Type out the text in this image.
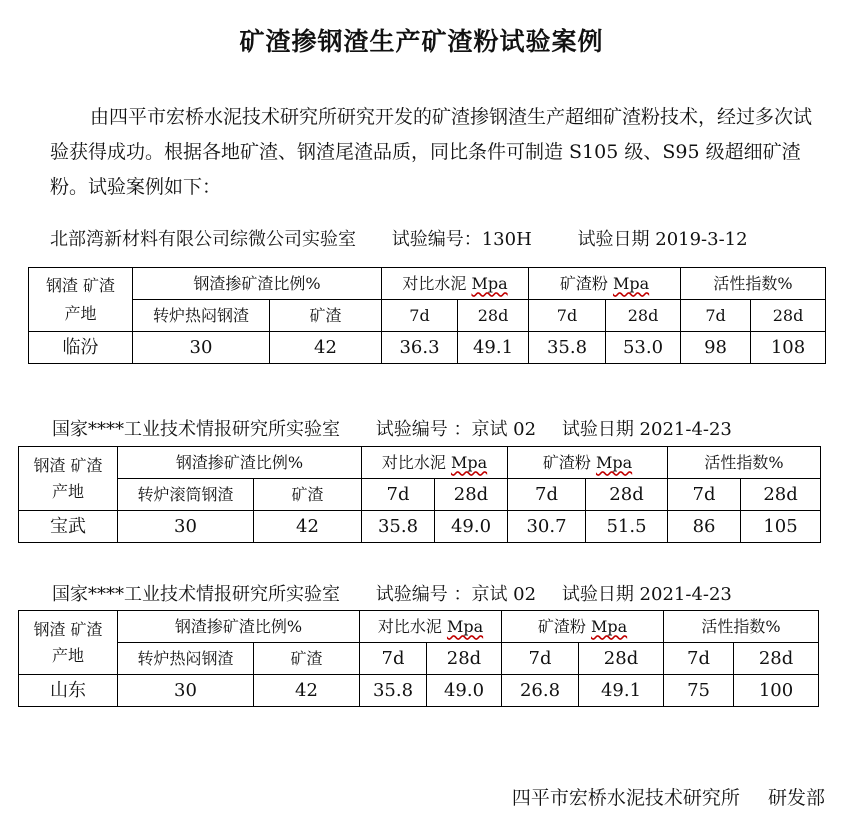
矿渣掺钢渣生产矿渣粉试验案例

由四平市宏桥水泥技术研究所研究开发的矿渣掺钢渣生产超细矿渣粉技术，经过多次试验获得成功。根据各地矿渣、钢渣尾渣品质，同比条件可制造 S105 级、S95 级超细矿渣粉。试验案例如下：

北部湾新材料有限公司综微公司实验室 试验编号：130H	试验日期 2019-3-12
钢渣 矿渣
产地	钢渣掺矿渣比例%		对比水泥 Mpa		矿渣粉 Mpa		活性指数%	
	转炉热闷钢渣	矿渣	7d	28d	7d	28d	7d	28d
临汾	30	42	36.3	49.1	35.8	53.0	98	108
国家****工业技术情报研究所实验室 试验编号 ：京试 02 试验日期 2021-4-23
钢渣 矿渣
产地	钢渣掺矿渣比例%		对比水泥 Mpa		矿渣粉 Mpa		活性指数%	
	转炉滚筒钢渣	矿渣	7d	28d	7d	28d	7d	28d
宝武	30	42	35.8	49.0	30.7	51.5	86	105
国家****工业技术情报研究所实验室 试验编号 ：京试 02 试验日期 2021-4-23
钢渣 矿渣
产地	钢渣掺矿渣比例%		对比水泥 Mpa		矿渣粉 Mpa		活性指数%	
	转炉热闷钢渣	矿渣	7d	28d	7d	28d	7d	28d
山东	30	42	35.8	49.0	26.8	49.1	75	100
四平市宏桥水泥技术研究所 研发部
